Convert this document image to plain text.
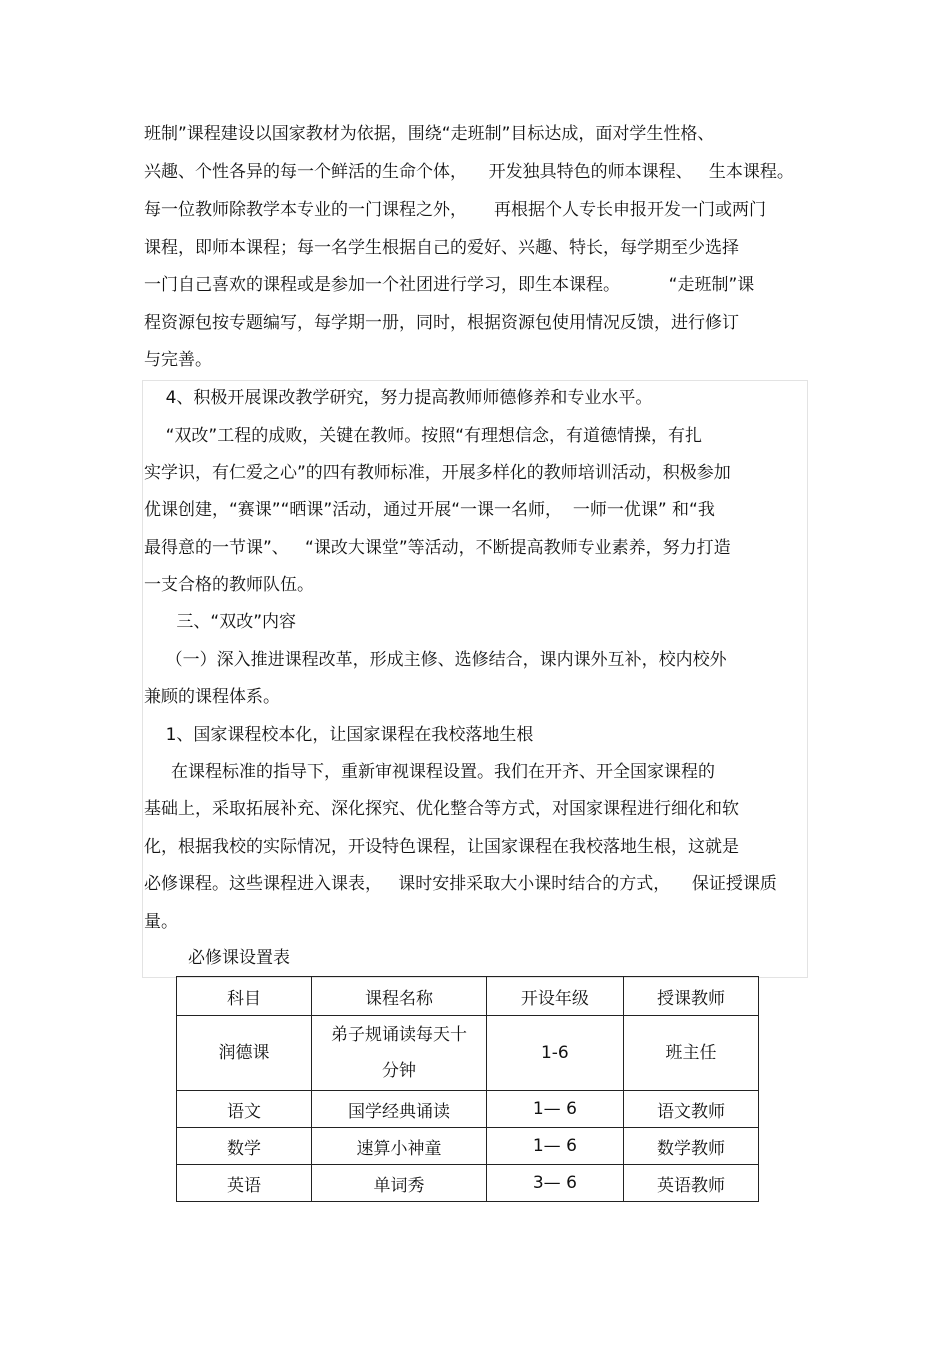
班制”课程建设以国家教材为依据，围绕“走班制”目标达成，面对学生性格、
兴趣、个性各异的每一个鲜活的生命个体，    开发独具特色的师本课程、   生本课程。
每一位教师除教学本专业的一门课程之外，     再根据个人专长申报开发一门或两门
课程，即师本课程；每一名学生根据自己的爱好、兴趣、特长，每学期至少选择
一门自己喜欢的课程或是参加一个社团进行学习，即生本课程。         “走班制”课
程资源包按专题编写，每学期一册，同时，根据资源包使用情况反馈，进行修订
与完善。
4、积极开展课改教学研究，努力提高教师师德修养和专业水平。
“双改”工程的成败，关键在教师。按照“有理想信念，有道德情操，有扎
实学识，有仁爱之心”的四有教师标准，开展多样化的教师培训活动，积极参加
优课创建，“赛课”“晒课”活动，通过开展“一课一名师，  一师一优课” 和“我
最得意的一节课”、   “课改大课堂”等活动，不断提高教师专业素养，努力打造
一支合格的教师队伍。
三、“双改”内容
（一）深入推进课程改革，形成主修、选修结合，课内课外互补，校内校外
兼顾的课程体系。
1、国家课程校本化，让国家课程在我校落地生根
在课程标准的指导下，重新审视课程设置。我们在开齐、开全国家课程的
基础上，采取拓展补充、深化探究、优化整合等方式，对国家课程进行细化和软
化，根据我校的实际情况，开设特色课程，让国家课程在我校落地生根，这就是
必修课程。这些课程进入课表，   课时安排采取大小课时结合的方式，    保证授课质
量。
必修课设置表
科目	课程名称	开设年级	授课教师
润德课	弟子规诵读每天十分钟	1-6	班主任
语文	国学经典诵读	1— 6	语文教师
数学	速算小神童	1— 6	数学教师
英语	单词秀	3— 6	英语教师
